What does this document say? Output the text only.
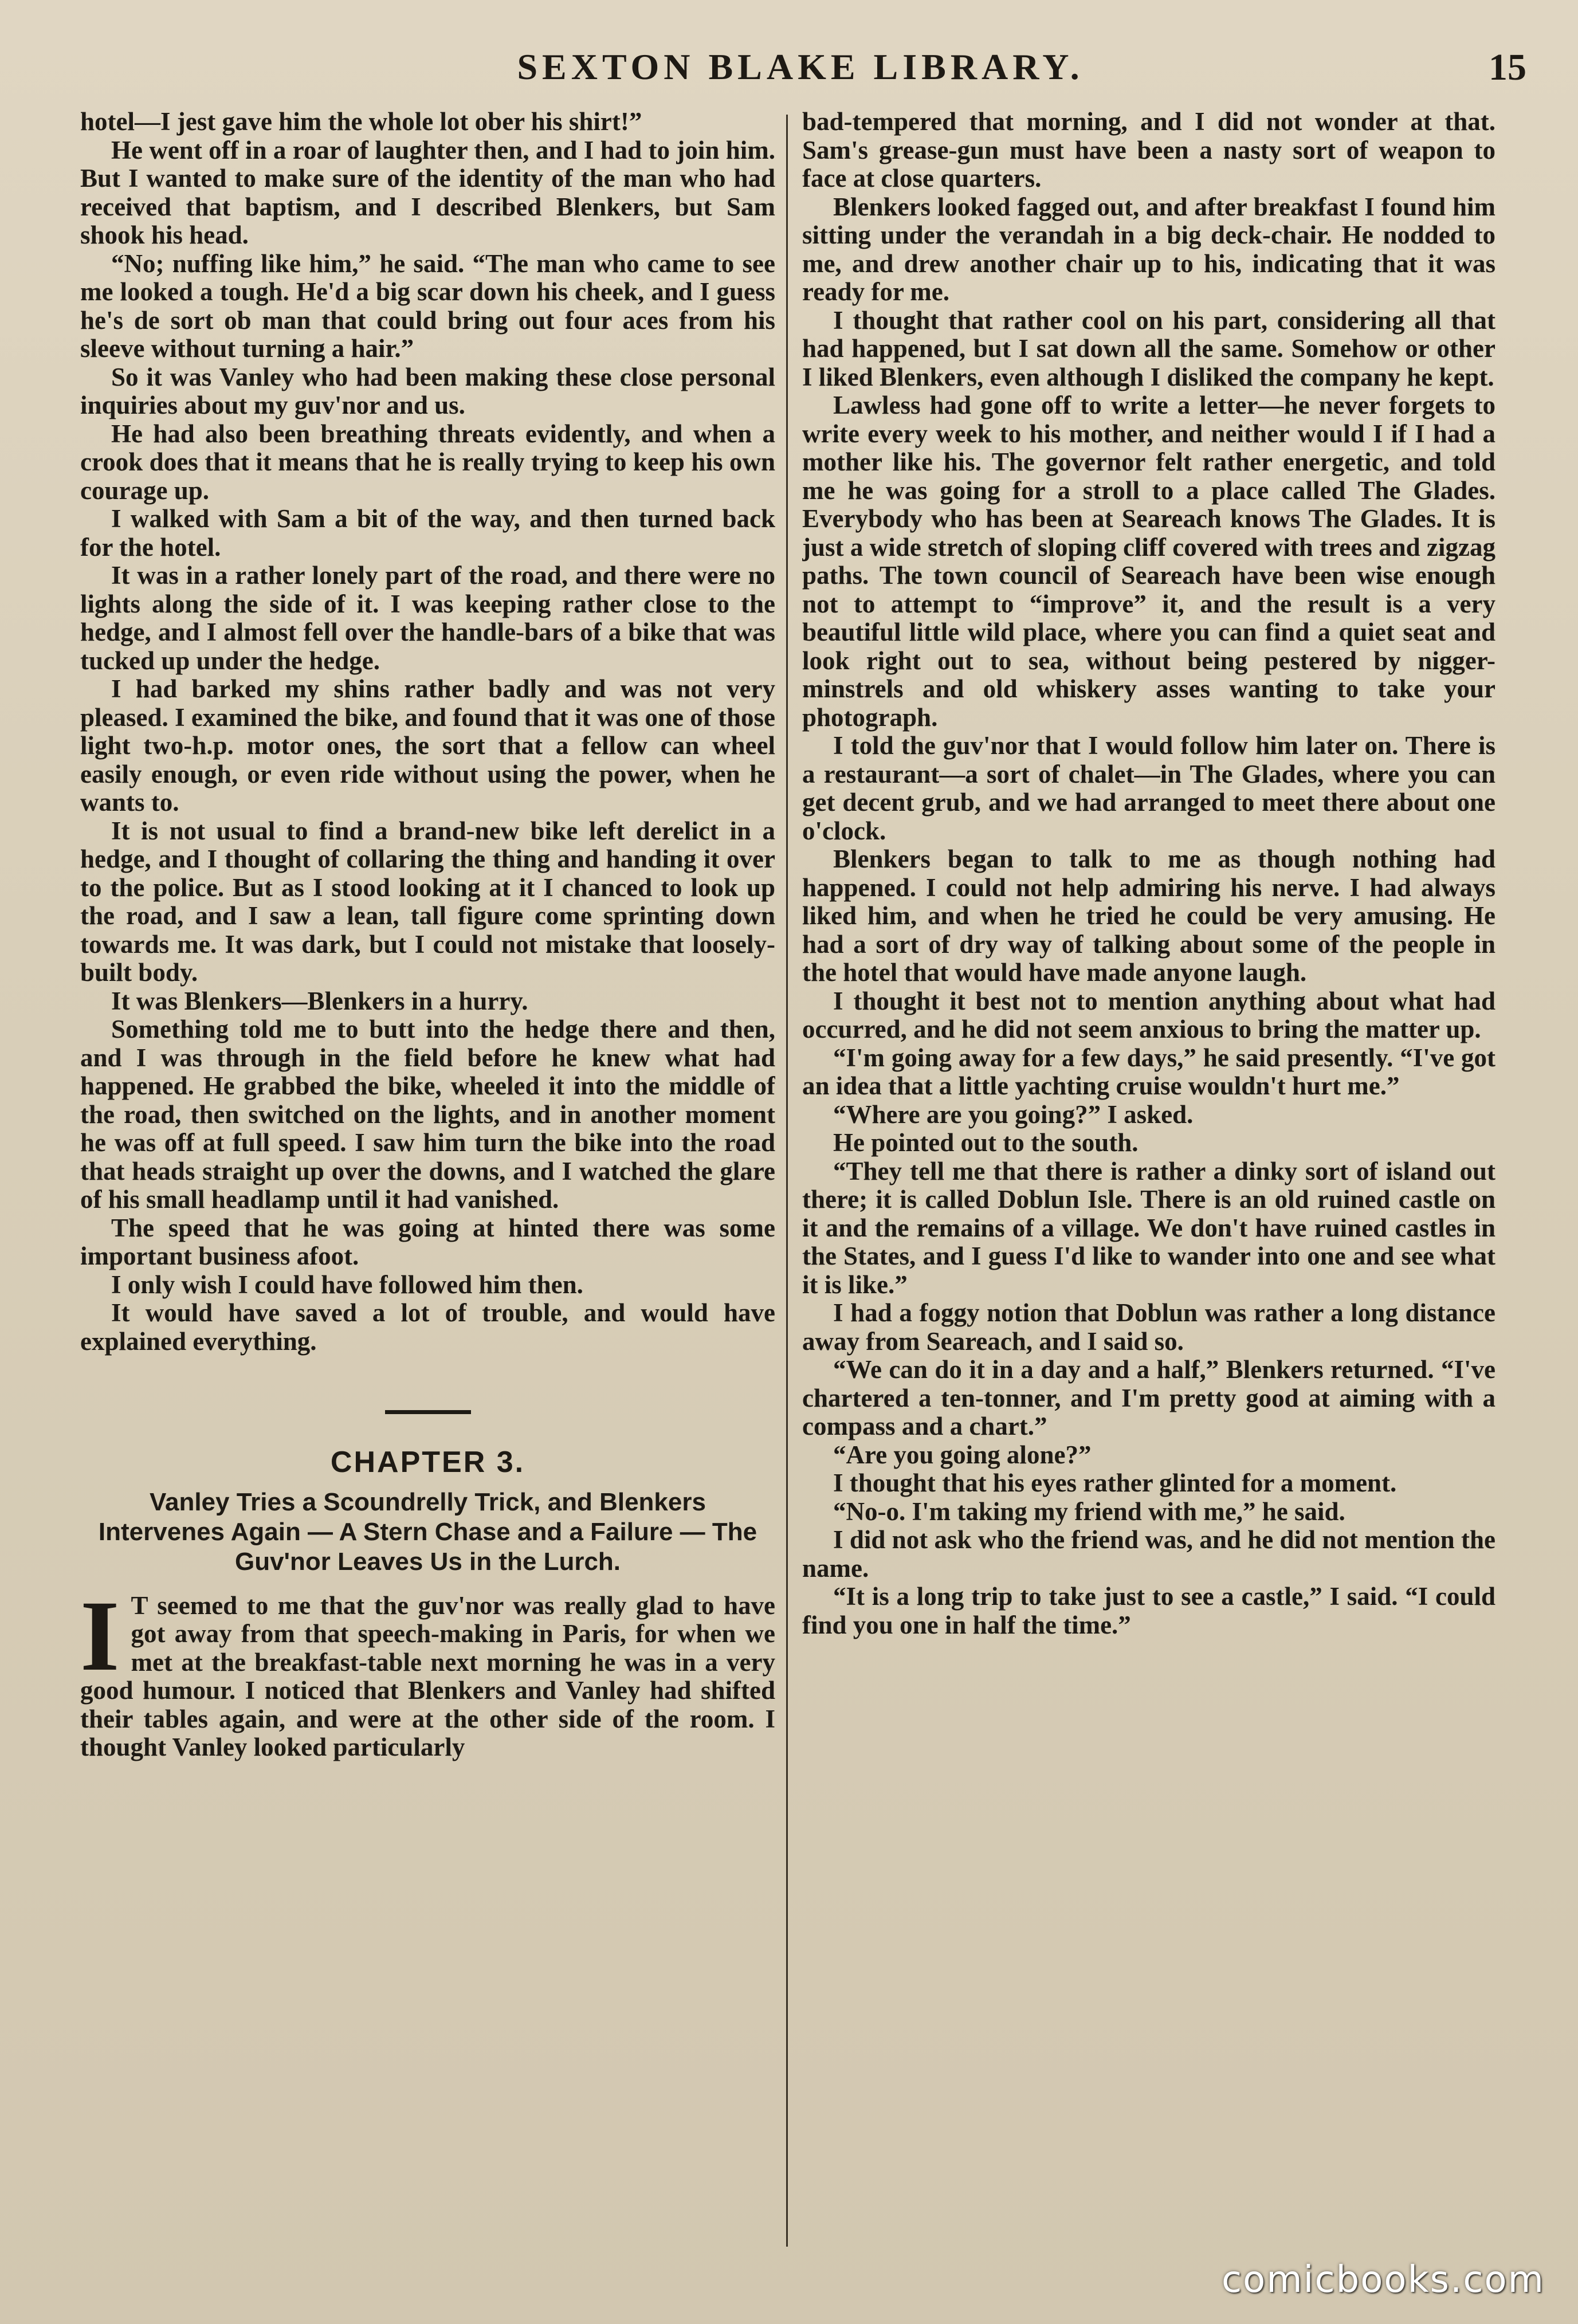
SEXTON BLAKE LIBRARY.	15

hotel—I jest gave him the whole lot ober his shirt!”

He went off in a roar of laughter then, and I had to join him. But I wanted to make sure of the identity of the man who had received that baptism, and I described Blenkers, but Sam shook his head.

“No; nuffing like him,” he said. “The man who came to see me looked a tough. He'd a big scar down his cheek, and I guess he's de sort ob man that could bring out four aces from his sleeve without turning a hair.”

So it was Vanley who had been making these close personal inquiries about my guv'nor and us.

He had also been breathing threats evidently, and when a crook does that it means that he is really trying to keep his own courage up.

I walked with Sam a bit of the way, and then turned back for the hotel.

It was in a rather lonely part of the road, and there were no lights along the side of it. I was keeping rather close to the hedge, and I almost fell over the handle-bars of a bike that was tucked up under the hedge.

I had barked my shins rather badly and was not very pleased. I examined the bike, and found that it was one of those light two-h.p. motor ones, the sort that a fellow can wheel easily enough, or even ride without using the power, when he wants to.

It is not usual to find a brand-new bike left derelict in a hedge, and I thought of collaring the thing and handing it over to the police. But as I stood looking at it I chanced to look up the road, and I saw a lean, tall figure come sprinting down towards me. It was dark, but I could not mistake that loosely-built body.

It was Blenkers—Blenkers in a hurry.

Something told me to butt into the hedge there and then, and I was through in the field before he knew what had happened. He grabbed the bike, wheeled it into the middle of the road, then switched on the lights, and in another moment he was off at full speed. I saw him turn the bike into the road that heads straight up over the downs, and I watched the glare of his small headlamp until it had vanished.

The speed that he was going at hinted there was some important business afoot.

I only wish I could have followed him then.

It would have saved a lot of trouble, and would have explained everything.

CHAPTER 3.
Vanley Tries a Scoundrelly Trick, and Blenkers Intervenes Again — A Stern Chase and a Failure — The Guv'nor Leaves Us in the Lurch.

I T seemed to me that the guv'nor was really glad to have got away from that speech-making in Paris, for when we met at the breakfast-table next morning he was in a very good humour. I noticed that Blenkers and Vanley had shifted their tables again, and were at the other side of the room. I thought Vanley looked particularly

bad-tempered that morning, and I did not wonder at that. Sam's grease-gun must have been a nasty sort of weapon to face at close quarters.

Blenkers looked fagged out, and after breakfast I found him sitting under the verandah in a big deck-chair. He nodded to me, and drew another chair up to his, indicating that it was ready for me.

I thought that rather cool on his part, considering all that had happened, but I sat down all the same. Somehow or other I liked Blenkers, even although I disliked the company he kept.

Lawless had gone off to write a letter—he never forgets to write every week to his mother, and neither would I if I had a mother like his. The governor felt rather energetic, and told me he was going for a stroll to a place called The Glades. Everybody who has been at Seareach knows The Glades. It is just a wide stretch of sloping cliff covered with trees and zigzag paths. The town council of Seareach have been wise enough not to attempt to “improve” it, and the result is a very beautiful little wild place, where you can find a quiet seat and look right out to sea, without being pestered by nigger-minstrels and old whiskery asses wanting to take your photograph.

I told the guv'nor that I would follow him later on. There is a restaurant—a sort of chalet—in The Glades, where you can get decent grub, and we had arranged to meet there about one o'clock.

Blenkers began to talk to me as though nothing had happened. I could not help admiring his nerve. I had always liked him, and when he tried he could be very amusing. He had a sort of dry way of talking about some of the people in the hotel that would have made anyone laugh.

I thought it best not to mention anything about what had occurred, and he did not seem anxious to bring the matter up.

“I'm going away for a few days,” he said presently. “I've got an idea that a little yachting cruise wouldn't hurt me.”

“Where are you going?” I asked.

He pointed out to the south.

“They tell me that there is rather a dinky sort of island out there; it is called Doblun Isle. There is an old ruined castle on it and the remains of a village. We don't have ruined castles in the States, and I guess I'd like to wander into one and see what it is like.”

I had a foggy notion that Doblun was rather a long distance away from Seareach, and I said so.

“We can do it in a day and a half,” Blenkers returned. “I've chartered a ten-tonner, and I'm pretty good at aiming with a compass and a chart.”

“Are you going alone?”

I thought that his eyes rather glinted for a moment.

“No-o. I'm taking my friend with me,” he said.

I did not ask who the friend was, and he did not mention the name.

“It is a long trip to take just to see a castle,” I said. “I could find you one in half the time.”

comicbooks.com
